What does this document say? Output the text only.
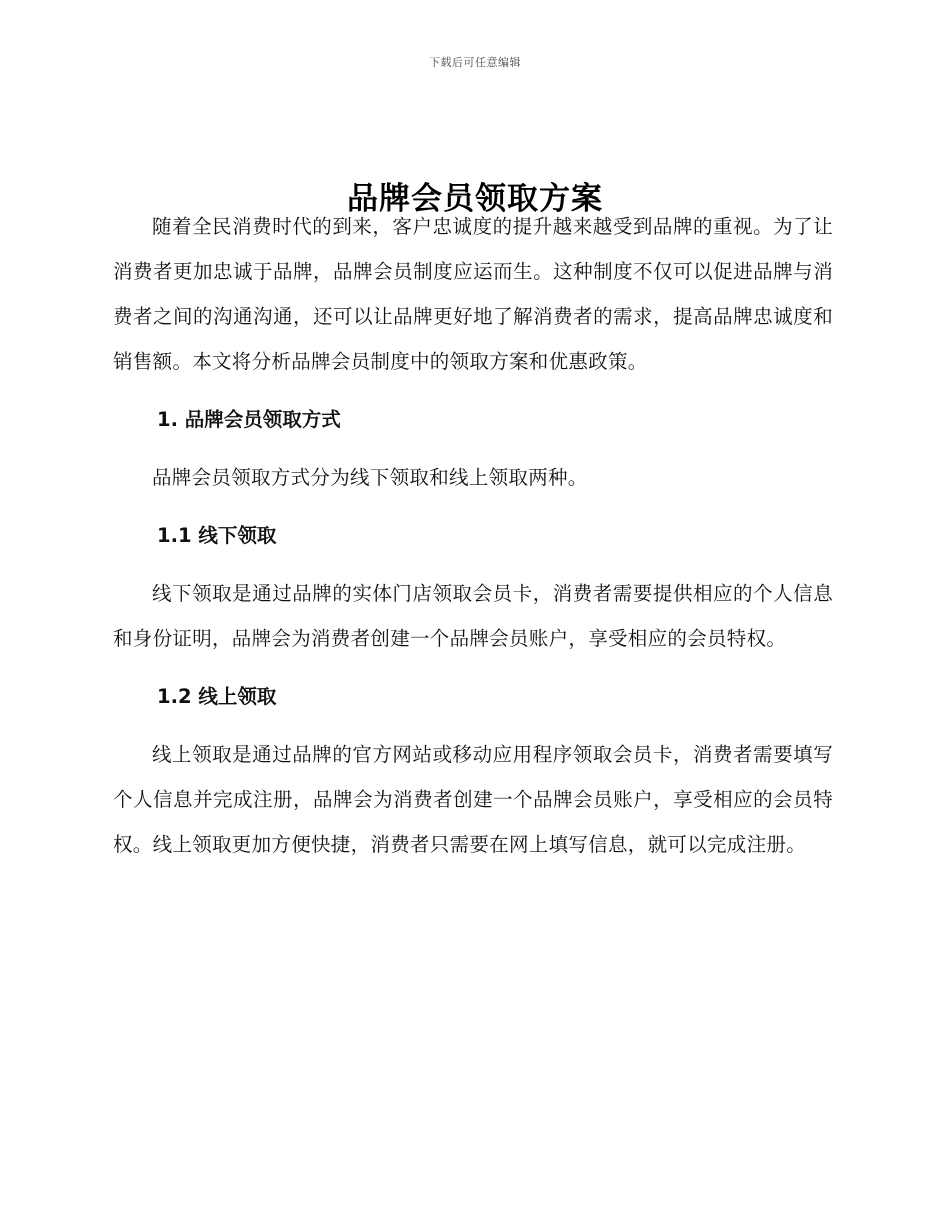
下载后可任意编辑
品牌会员领取方案

随着全民消费时代的到来，客户忠诚度的提升越来越受到品牌的重视。为了让消费者更加忠诚于品牌，品牌会员制度应运而生。这种制度不仅可以促进品牌与消费者之间的沟通沟通，还可以让品牌更好地了解消费者的需求，提高品牌忠诚度和销售额。本文将分析品牌会员制度中的领取方案和优惠政策。

1. 品牌会员领取方式

品牌会员领取方式分为线下领取和线上领取两种。

1.1 线下领取

线下领取是通过品牌的实体门店领取会员卡，消费者需要提供相应的个人信息和身份证明，品牌会为消费者创建一个品牌会员账户，享受相应的会员特权。

1.2 线上领取

线上领取是通过品牌的官方网站或移动应用程序领取会员卡，消费者需要填写个人信息并完成注册，品牌会为消费者创建一个品牌会员账户，享受相应的会员特权。线上领取更加方便快捷，消费者只需要在网上填写信息，就可以完成注册。
